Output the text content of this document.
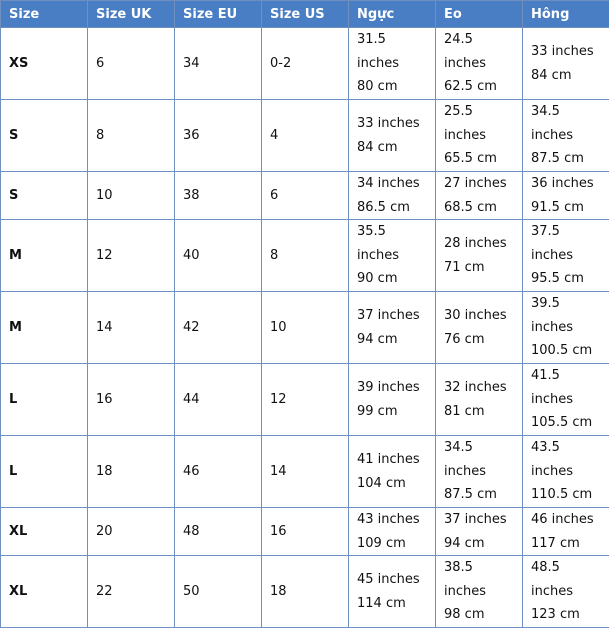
Size	Size UK	Size EU	Size US	Ngực	Eo	Hông
XS	6	34	0-2	31.5
inches
80 cm	24.5
inches
62.5 cm	33 inches
84 cm

S	8	36	4	33 inches
84 cm	25.5
inches
65.5 cm	34.5
inches
87.5 cm

S	10	38	6	34 inches
86.5 cm	27 inches
68.5 cm	36 inches
91.5 cm

M	12	40	8	35.5
inches
90 cm	28 inches
71 cm	37.5
inches
95.5 cm

M	14	42	10	37 inches
94 cm	30 inches
76 cm	39.5
inches
100.5 cm

L	16	44	12	39 inches
99 cm	32 inches
81 cm	41.5
inches
105.5 cm

L	18	46	14	41 inches
104 cm	34.5
inches
87.5 cm	43.5
inches
110.5 cm

XL	20	48	16	43 inches
109 cm	37 inches
94 cm	46 inches
117 cm

XL	22	50	18	45 inches
114 cm	38.5
inches
98 cm	48.5
inches
123 cm
